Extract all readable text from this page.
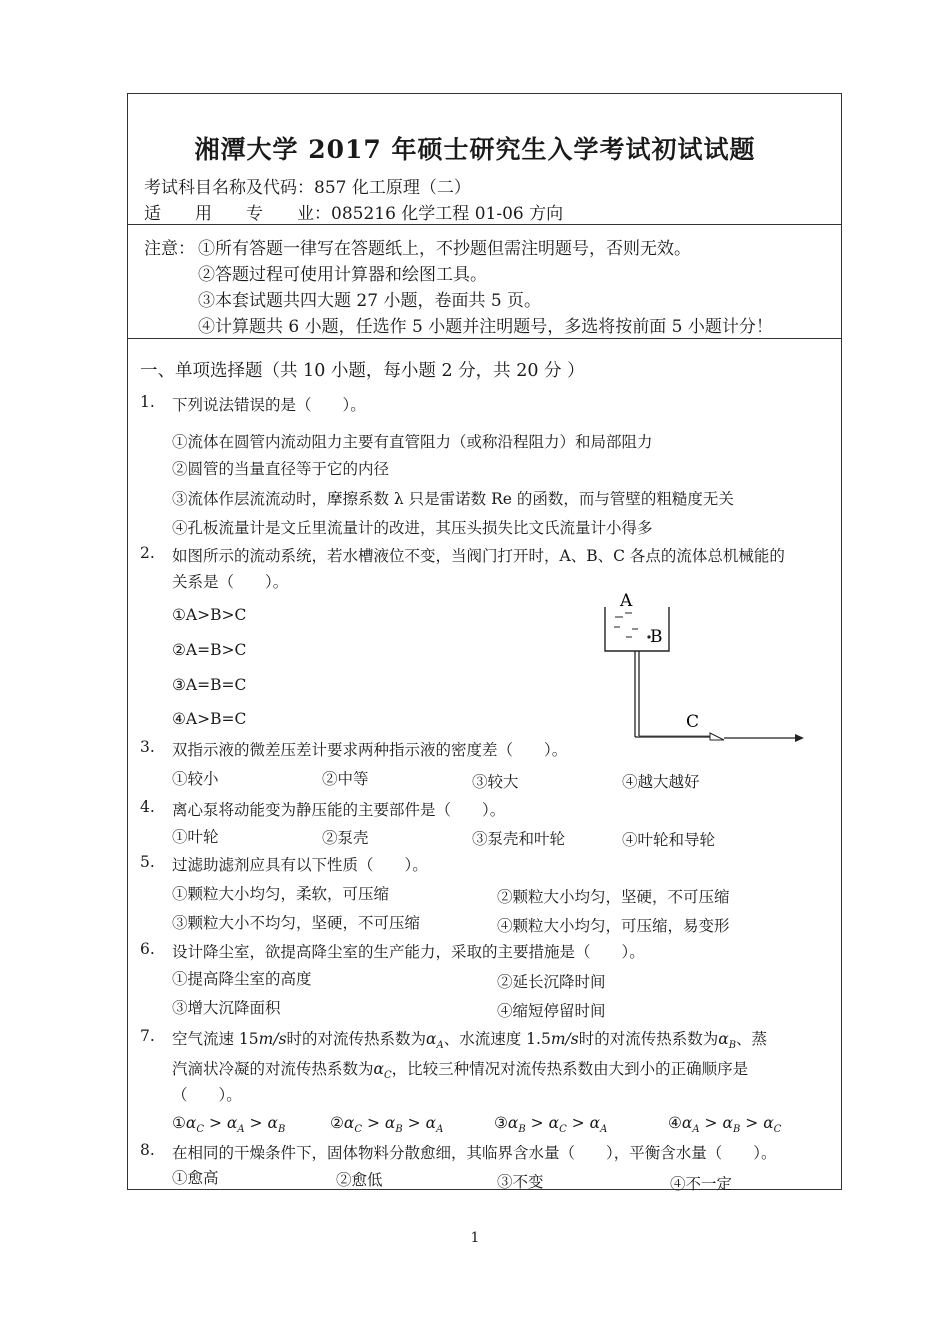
湘潭大学 2017 年硕士研究生入学考试初试试题
考试科目名称及代码：857 化工原理（二）
适　　用　　专　　业：085216 化学工程 01-06 方向
注意： ①所有答题一律写在答题纸上，不抄题但需注明题号，否则无效。
②答题过程可使用计算器和绘图工具。
③本套试题共四大题 27 小题，卷面共 5 页。
④计算题共 6 小题，任选作 5 小题并注明题号，多选将按前面 5 小题计分！
一、单项选择题（共 10 小题，每小题 2 分，共 20 分 ）
1. 下列说法错误的是（　　）。
①流体在圆管内流动阻力主要有直管阻力（或称沿程阻力）和局部阻力
②圆管的当量直径等于它的内径
③流体作层流流动时，摩擦系数 λ 只是雷诺数 Re 的函数，而与管壁的粗糙度无关
④孔板流量计是文丘里流量计的改进，其压头损失比文氏流量计小得多
2. 如图所示的流动系统，若水槽液位不变，当阀门打开时，A、B、C 各点的流体总机械能的
关系是（　　）。
①A>B>C
②A=B>C
③A=B=C
④A>B=C
A
B
C
3. 双指示液的微差压差计要求两种指示液的密度差（　　）。
①较小	②中等	③较大	④越大越好
4. 离心泵将动能变为静压能的主要部件是（　　）。
①叶轮	②泵壳	③泵壳和叶轮	④叶轮和导轮
5. 过滤助滤剂应具有以下性质（　　）。
①颗粒大小均匀，柔软，可压缩	②颗粒大小均匀，坚硬，不可压缩
③颗粒大小不均匀，坚硬，不可压缩	④颗粒大小均匀，可压缩，易变形
6. 设计降尘室，欲提高降尘室的生产能力，采取的主要措施是（　　）。
①提高降尘室的高度	②延长沉降时间
③增大沉降面积	④缩短停留时间
7. 空气流速 15m/s时的对流传热系数为$\alpha_A$、水流速度 1.5m/s时的对流传热系数为$\alpha_B$、蒸
汽滴状冷凝的对流传热系数为$\alpha_C$，比较三种情况对流传热系数由大到小的正确顺序是
（　　）。
$①\alpha_C > \alpha_A > \alpha_B$	$②\alpha_C > \alpha_B > \alpha_A$	$③\alpha_B > \alpha_C > \alpha_A$	$④\alpha_A > \alpha_B > \alpha_C$
8. 在相同的干燥条件下，固体物料分散愈细，其临界含水量（　　），平衡含水量（　　）。
①愈高	②愈低	③不变	④不一定
1
